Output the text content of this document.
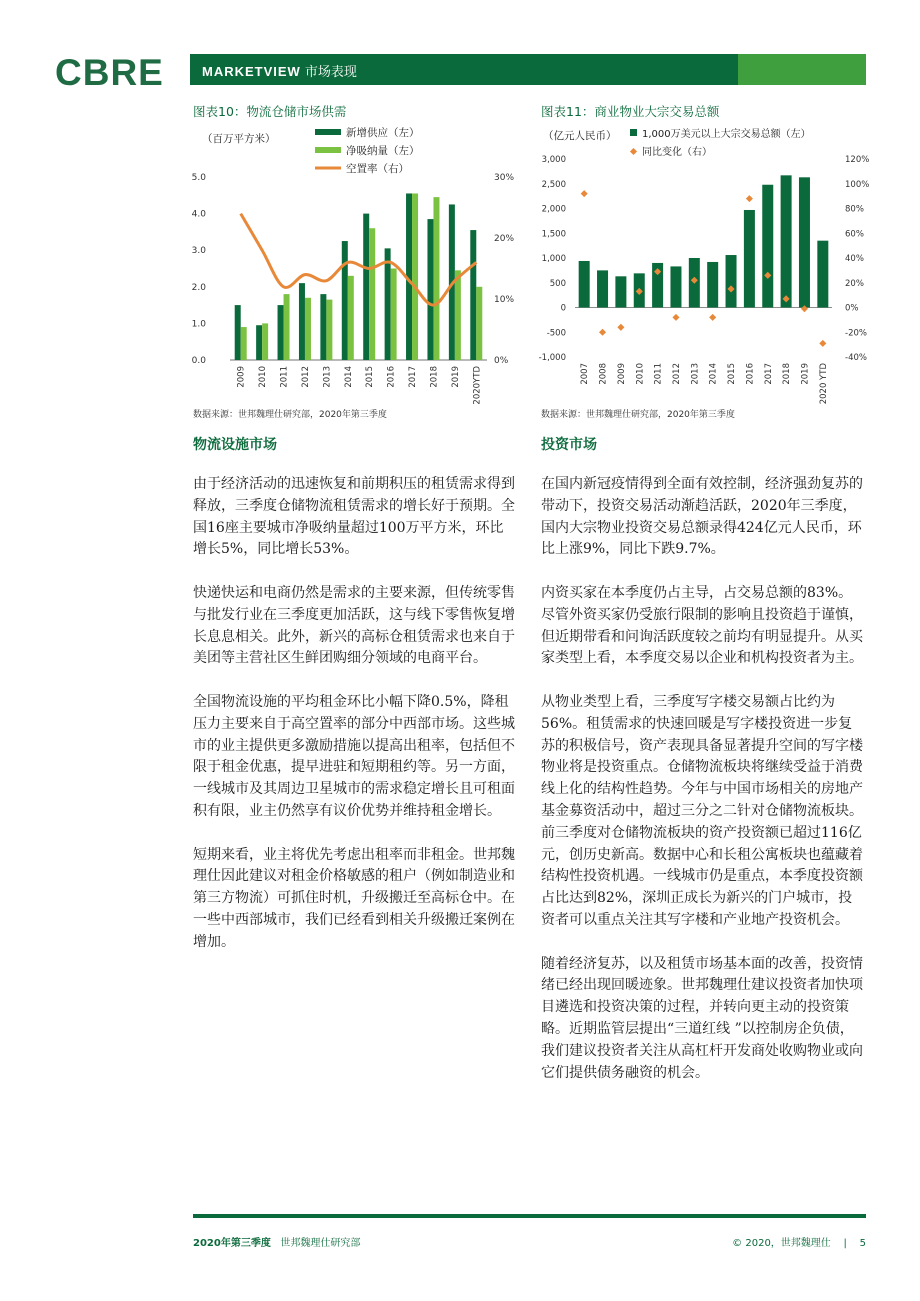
CBRE	MARKETVIEW 市场表现
图表10：物流仓储市场供需
（百万平方米）	新增供应（左）
净吸纳量（左）
空置率（右）
0.0
1.0
2.0
3.0
4.0
5.0
0%
10%
20%
30%
2009 2010 2011 2012 2013 2014 2015 2016 2017 2018 2019 2020YTD
数据来源：世邦魏理仕研究部，2020年第三季度
图表11：商业物业大宗交易总额
（亿元人民币）	1,000万美元以上大宗交易总额（左）
同比变化（右）
-1,000
-500
0
500
1,000
1,500
2,000
2,500
3,000
-40%
-20%
0%
20%
40%
60%
80%
100%
120%
2007 2008 2009 2010 2011 2012 2013 2014 2015 2016 2017 2018 2019 2020 YTD
数据来源：世邦魏理仕研究部，2020年第三季度
物流设施市场

由于经济活动的迅速恢复和前期积压的租赁需求得到释放，三季度仓储物流租赁需求的增长好于预期。全国16座主要城市净吸纳量超过100万平方米，环比增长5%，同比增长53%。

快递快运和电商仍然是需求的主要来源，但传统零售与批发行业在三季度更加活跃，这与线下零售恢复增长息息相关。此外，新兴的高标仓租赁需求也来自于美团等主营社区生鲜团购细分领域的电商平台。

全国物流设施的平均租金环比小幅下降0.5%，降租压力主要来自于高空置率的部分中西部市场。这些城市的业主提供更多激励措施以提高出租率，包括但不限于租金优惠，提早进驻和短期租约等。另一方面，一线城市及其周边卫星城市的需求稳定增长且可租面积有限，业主仍然享有议价优势并维持租金增长。

短期来看，业主将优先考虑出租率而非租金。世邦魏理仕因此建议对租金价格敏感的租户（例如制造业和第三方物流）可抓住时机，升级搬迁至高标仓中。在一些中西部城市，我们已经看到相关升级搬迁案例在增加。

投资市场

在国内新冠疫情得到全面有效控制，经济强劲复苏的带动下，投资交易活动渐趋活跃，2020年三季度，国内大宗物业投资交易总额录得424亿元人民币，环比上涨9%，同比下跌9.7%。

内资买家在本季度仍占主导，占交易总额的83%。尽管外资买家仍受旅行限制的影响且投资趋于谨慎，但近期带看和问询活跃度较之前均有明显提升。从买家类型上看，本季度交易以企业和机构投资者为主。

从物业类型上看，三季度写字楼交易额占比约为56%。租赁需求的快速回暖是写字楼投资进一步复苏的积极信号，资产表现具备显著提升空间的写字楼物业将是投资重点。仓储物流板块将继续受益于消费线上化的结构性趋势。今年与中国市场相关的房地产基金募资活动中，超过三分之二针对仓储物流板块。前三季度对仓储物流板块的资产投资额已超过116亿元，创历史新高。数据中心和长租公寓板块也蕴藏着结构性投资机遇。一线城市仍是重点，本季度投资额占比达到82%，深圳正成长为新兴的门户城市，投资者可以重点关注其写字楼和产业地产投资机会。

随着经济复苏，以及租赁市场基本面的改善，投资情绪已经出现回暖迹象。世邦魏理仕建议投资者加快项目遴选和投资决策的过程，并转向更主动的投资策略。近期监管层提出“三道红线 ”以控制房企负债，我们建议投资者关注从高杠杆开发商处收购物业或向它们提供债务融资的机会。

2020年第三季度 世邦魏理仕研究部	© 2020，世邦魏理仕 | 5
